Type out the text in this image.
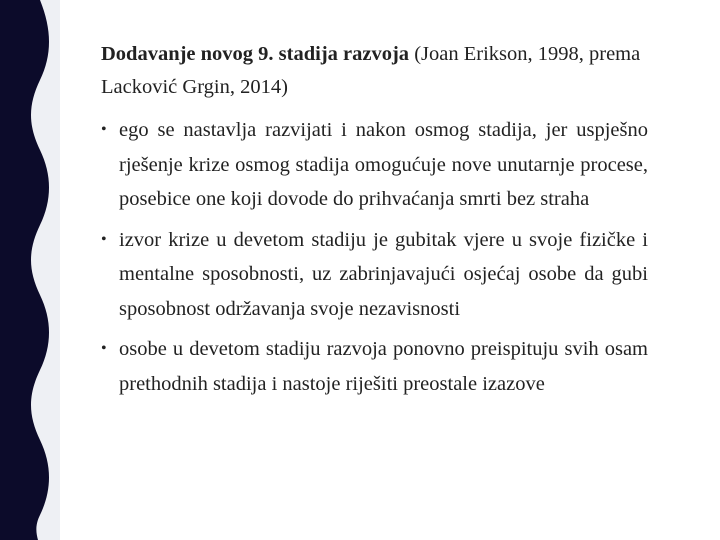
Dodavanje novog 9. stadija razvoja (Joan Erikson, 1998, prema Lacković Grgin, 2014)
• ego se nastavlja razvijati i nakon osmog stadija, jer uspješno rješenje krize osmog stadija omogućuje nove unutarnje procese, posebice one koji dovode do prihvaćanja smrti bez straha
• izvor krize u devetom stadiju je gubitak vjere u svoje fizičke i mentalne sposobnosti, uz zabrinjavajući osjećaj osobe da gubi sposobnost održavanja svoje nezavisnosti
• osobe u devetom stadiju razvoja ponovno preispituju svih osam prethodnih stadija i nastoje riješiti preostale izazove
